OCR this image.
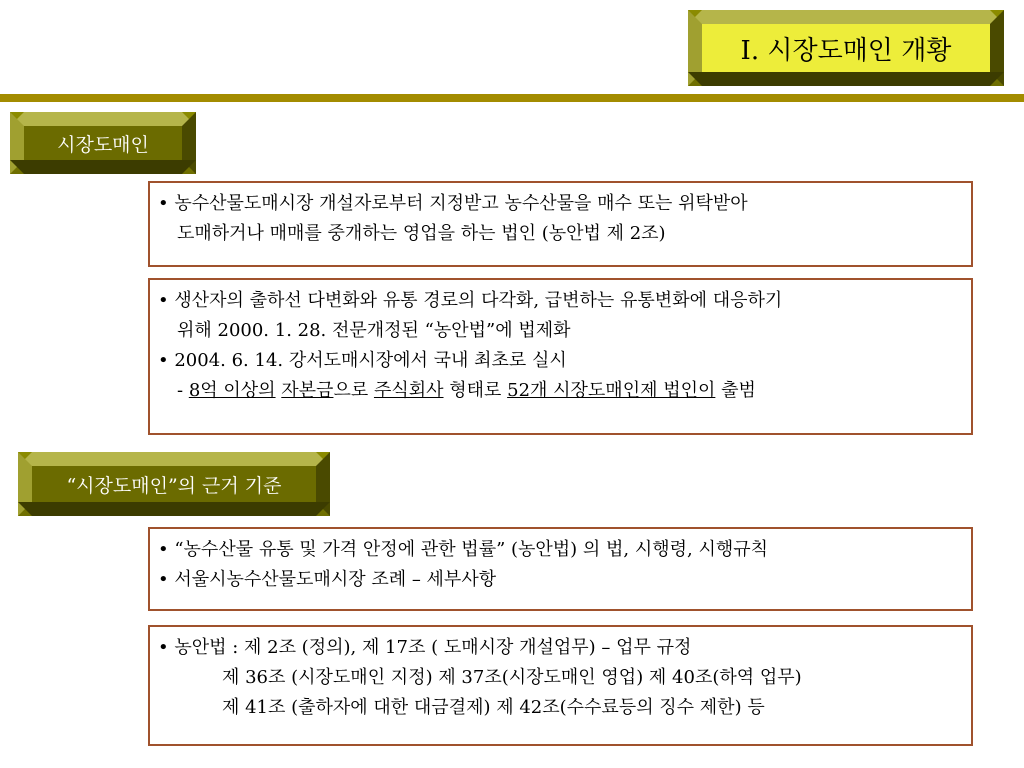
Ⅰ. 시장도매인 개황
시장도매인
• 농수산물도매시장 개설자로부터 지정받고 농수산물을 매수 또는 위탁받아
도매하거나 매매를 중개하는 영업을 하는 법인 (농안법 제 2조)
• 생산자의 출하선 다변화와 유통 경로의 다각화, 급변하는 유통변화에 대응하기
위해 2000. 1. 28. 전문개정된 “농안법”에 법제화
• 2004. 6. 14. 강서도매시장에서 국내 최초로 실시
- 8억 이상의 자본금으로 주식회사 형태로 52개 시장도매인제 법인이 출범
“시장도매인”의 근거 기준
• “농수산물 유통 및 가격 안정에 관한 법률” (농안법) 의 법, 시행령, 시행규칙
• 서울시농수산물도매시장 조례 – 세부사항
• 농안법 : 제 2조 (정의), 제 17조 ( 도매시장 개설업무) – 업무 규정
제 36조 (시장도매인 지정) 제 37조(시장도매인 영업) 제 40조(하역 업무)
제 41조 (출하자에 대한 대금결제) 제 42조(수수료등의 징수 제한) 등
